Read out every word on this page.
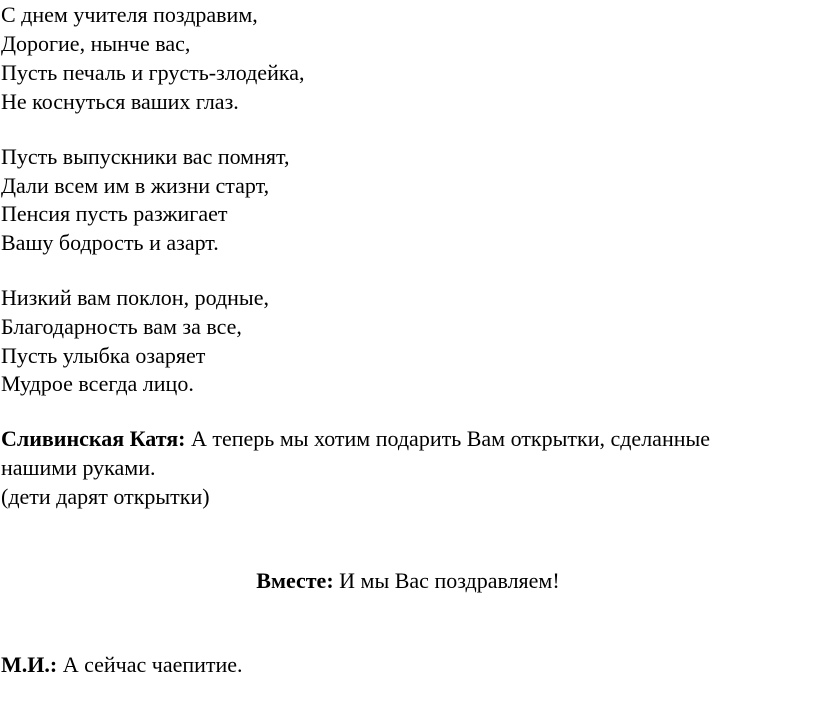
С днем учителя поздравим,
Дорогие, нынче вас,
Пусть печаль и грусть-злодейка,
Не коснуться ваших глаз.
Пусть выпускники вас помнят,
Дали всем им в жизни старт,
Пенсия пусть разжигает
Вашу бодрость и азарт.
Низкий вам поклон, родные,
Благодарность вам за все,
Пусть улыбка озаряет
Мудрое всегда лицо.
Сливинская Катя: А теперь мы хотим подарить Вам открытки, сделанные
нашими руками.
(дети дарят открытки)
Вместе: И мы Вас поздравляем!
М.И.: А сейчас чаепитие.
